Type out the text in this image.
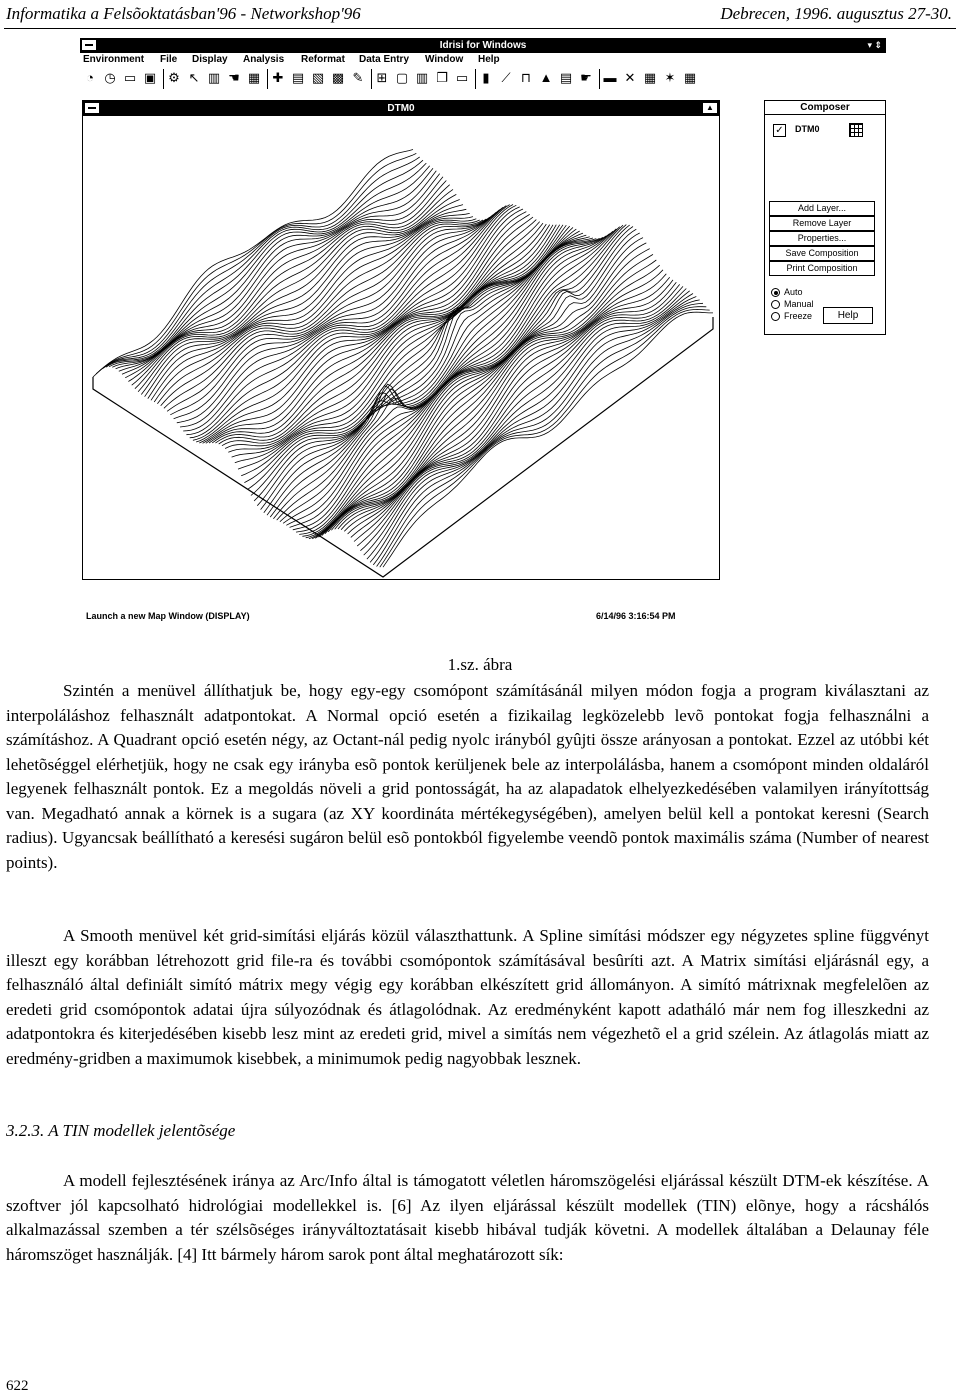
Informatika a Felsõoktatásban'96 - Networkshop'96	Debrecen, 1996. augusztus 27-30.
Idrisi for Windows	▾ ⇕
Environment File Display Analysis Reformat Data Entry Window Help
◔ ◷ ▭ ▣ ⚙ ↖ ▥ ☚ ▦ ✚ ▤ ▧ ▩ ✎ ⊞ ▢ ▥ ❐ ▭	▮ ⟋ ⊓ ▲ ▤ ☛ ▬ ✕ ▦ ✶ ▦
DTM0	▲	Composer
✓ DTM0
Add Layer...
Remove Layer
Properties...
Save Composition
Print Composition
Auto
Manual
Freeze	Help
Launch a new Map Window (DISPLAY)	6/14/96 3:16:54 PM
1.sz. ábra

Szintén a menüvel állíthatjuk be, hogy egy-egy csomópont számításánál milyen módon fogja a program kiválasztani az interpoláláshoz felhasznált adatpontokat. A Normal opció esetén a fizikailag legközelebb levõ pontokat fogja felhasználni a számításhoz. A Quadrant opció esetén négy, az Octant-nál pedig nyolc irányból gyûjti össze arányosan a pontokat. Ezzel az utóbbi két lehetõséggel elérhetjük, hogy ne csak egy irányba esõ pontok kerüljenek bele az interpolálásba, hanem a csomópont minden oldaláról legyenek felhasznált pontok. Ez a megoldás növeli a grid pontosságát, ha az alapadatok elhelyezkedésében valamilyen irányítottság van. Megadható annak a körnek is a sugara (az XY koordináta mértékegységében), amelyen belül kell a pontokat keresni (Search radius). Ugyancsak beállítható a keresési sugáron belül esõ pontokból figyelembe veendõ pontok maximális száma (Number of nearest points).

A Smooth menüvel két grid-simítási eljárás közül választhattunk. A Spline simítási módszer egy négyzetes spline függvényt illeszt egy korábban létrehozott grid file-ra és további csomópontok számításával besûríti azt. A Matrix simítási eljárásnál egy, a felhasználó által definiált simító mátrix megy végig egy korábban elkészített grid állományon. A simító mátrixnak megfelelõen az eredeti grid csomópontok adatai újra súlyozódnak és átlagolódnak. Az eredményként kapott adatháló már nem fog illeszkedni az adatpontokra és kiterjedésében kisebb lesz mint az eredeti grid, mivel a simítás nem végezhetõ el a grid szélein. Az átlagolás miatt az eredmény-gridben a maximumok kisebbek, a minimumok pedig nagyobbak lesznek.

3.2.3. A TIN modellek jelentõsége

A modell fejlesztésének iránya az Arc/Info által is támogatott véletlen háromszögelési eljárással készült DTM-ek készítése. A szoftver jól kapcsolható hidrológiai modellekkel is. [6] Az ilyen eljárással készült modellek (TIN) elõnye, hogy a rácshálós alkalmazással szemben a tér szélsõséges irányváltoztatásait kisebb hibával tudják követni. A modellek általában a Delaunay féle háromszöget használják. [4] Itt bármely három sarok pont által meghatározott sík:

622
